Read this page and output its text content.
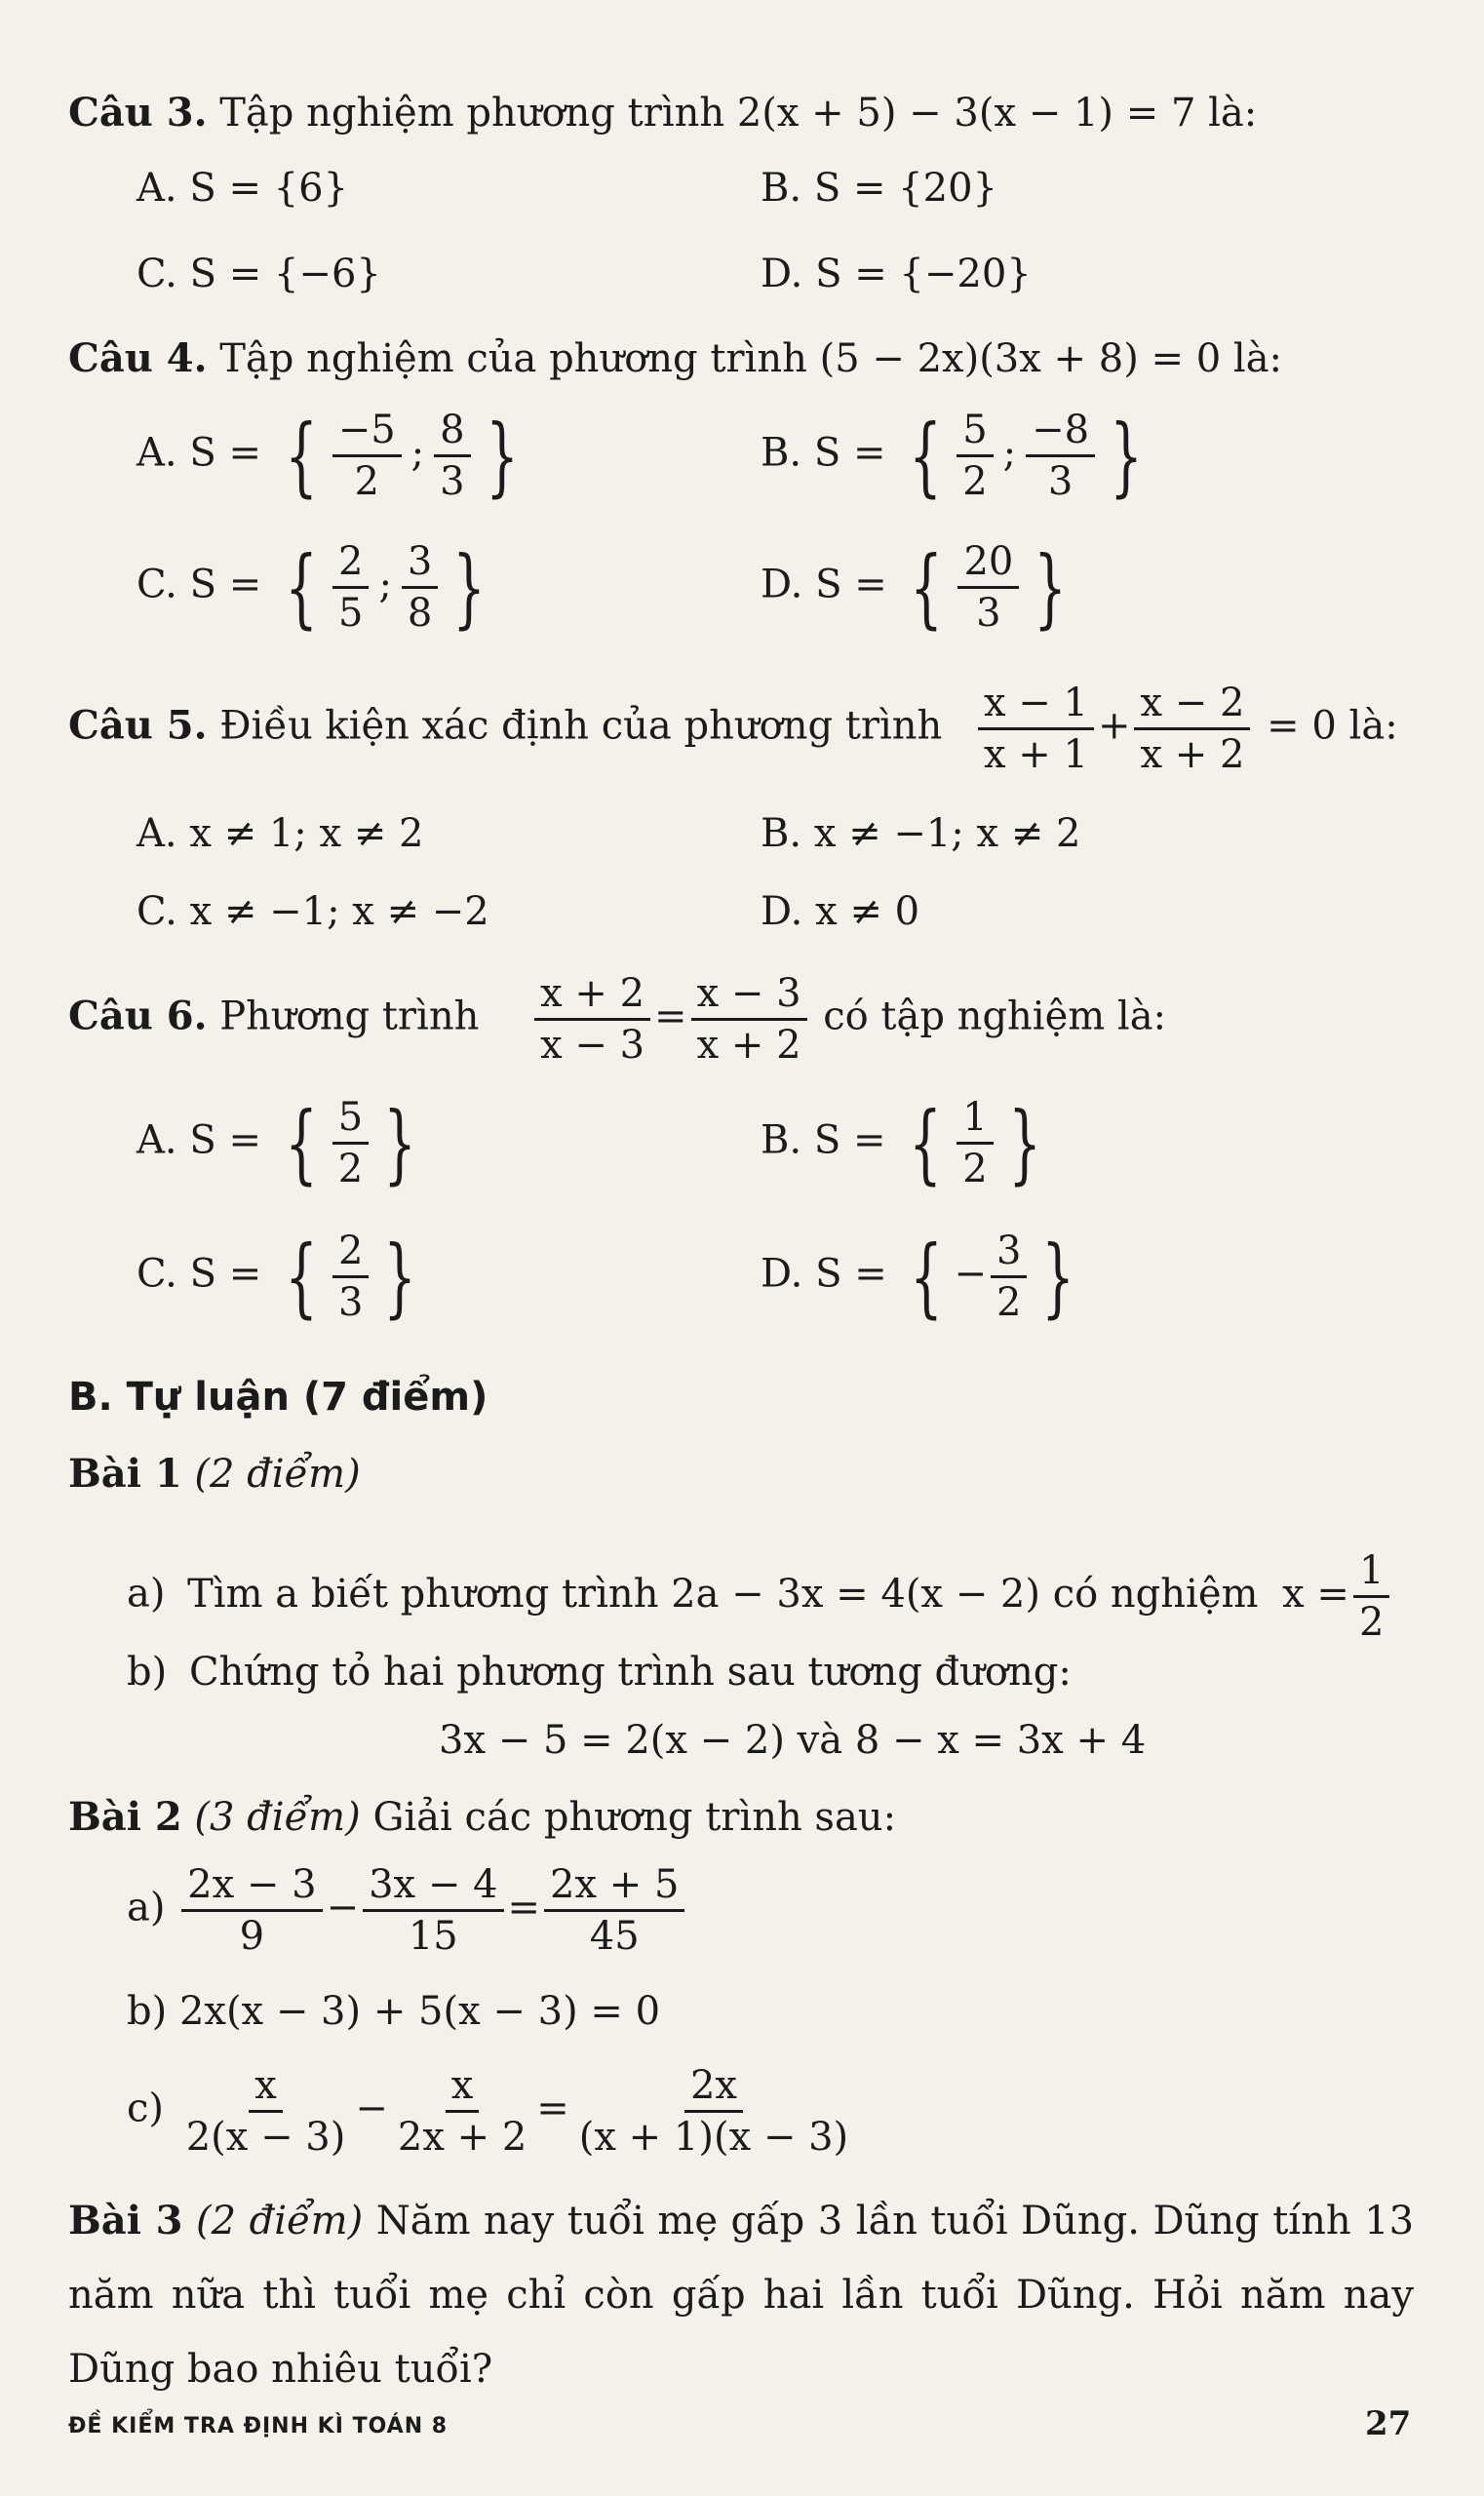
Câu 3. Tập nghiệm phương trình 2(x + 5) − 3(x − 1) = 7 là:
A. S = {6}	B. S = {20}
C. S = {−6}	D. S = {−20}
Câu 4. Tập nghiệm của phương trình (5 − 2x)(3x + 8) = 0 là:
A. S = { $\frac{-5}{2}$ ; $\frac{8}{3}$ }	B. S = { $\frac{5}{2}$ ; $\frac{-8}{3}$ }
C. S = { $\frac{2}{5}$ ; $\frac{3}{8}$ }	D. S = { $\frac{20}{3}$ }
Câu 5. Điều kiện xác định của phương trình $\frac{x - 1}{x + 1} + \frac{x - 2}{x + 2} = 0$ là:
A. x ≠ 1; x ≠ 2	B. x ≠ −1; x ≠ 2
C. x ≠ −1; x ≠ −2	D. x ≠ 0
Câu 6. Phương trình $\frac{x + 2}{x - 3} = \frac{x - 3}{x + 2}$ có tập nghiệm là:
A. S = { $\frac{5}{2}$ }	B. S = { $\frac{1}{2}$ }
C. S = { $\frac{2}{3}$ }	D. S = { − $\frac{3}{2}$ }
B. Tự luận (7 điểm)
Bài 1 (2 điểm)
a) Tìm a biết phương trình 2a − 3x = 4(x − 2) có nghiệm $x = \frac{1}{2}$
b) Chứng tỏ hai phương trình sau tương đương:
3x − 5 = 2(x − 2) và 8 − x = 3x + 4
Bài 2 (3 điểm) Giải các phương trình sau:
$a) \frac{2x - 3}{9} - \frac{3x - 4}{15} = \frac{2x + 5}{45}$
b) 2x(x − 3) + 5(x − 3) = 0
$c) \frac{x}{2(x - 3)} - \frac{x}{2x + 2} = \frac{2x}{(x + 1)(x - 3)}$
Bài 3 (2 điểm) Năm nay tuổi mẹ gấp 3 lần tuổi Dũng. Dũng tính 13 năm nữa thì tuổi mẹ chỉ còn gấp hai lần tuổi Dũng. Hỏi năm nay Dũng bao nhiêu tuổi?
ĐỀ KIỂM TRA ĐỊNH KÌ TOÁN 8	27
